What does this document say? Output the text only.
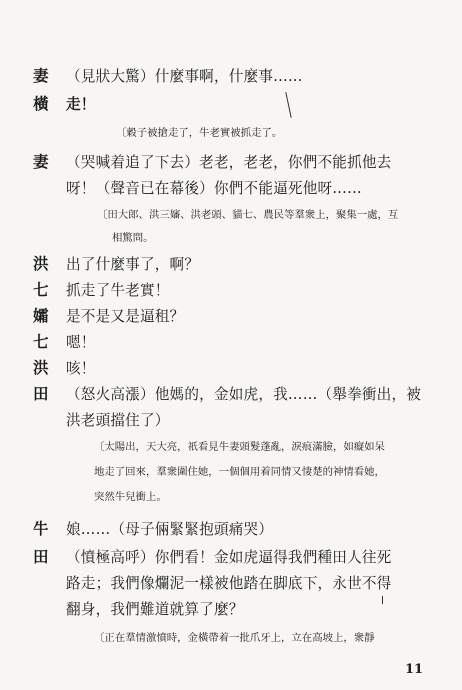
妻 （見狀大驚）什麼事啊，什麼事……
橫 走！
〔穀子被搶走了，牛老實被抓走了。
妻 （哭喊着追了下去）老老，老老，你們不能抓他去
呀！（聲音已在幕後）你們不能逼死他呀……
〔田大郎、洪三嬸、洪老頭、貓七、農民等羣衆上，聚集一處，互
相驚問。
洪 出了什麼事了，啊？
七 抓走了牛老實！
孀 是不是又是逼租？
七 嗯！
洪 咳！
田 （怒火高漲）他媽的，金如虎，我……（舉拳衝出，被
洪老頭擋住了）
〔太陽出，天大亮，祇看見牛妻頭髮蓬亂，淚痕滿臉，如癡如呆
地走了回來，羣衆圍住她，一個個用着同情又悽楚的神情看她，
突然牛兒衝上。
牛 娘……（母子倆緊緊抱頭痛哭）
田 （憤極高呼）你們看！金如虎逼得我們種田人往死
路走；我們像爛泥一樣被他踏在脚底下，永世不得
翻身，我們難道就算了麼？
〔正在羣情激憤時，金橫帶着一批爪牙上，立在高坡上，衆靜
11
